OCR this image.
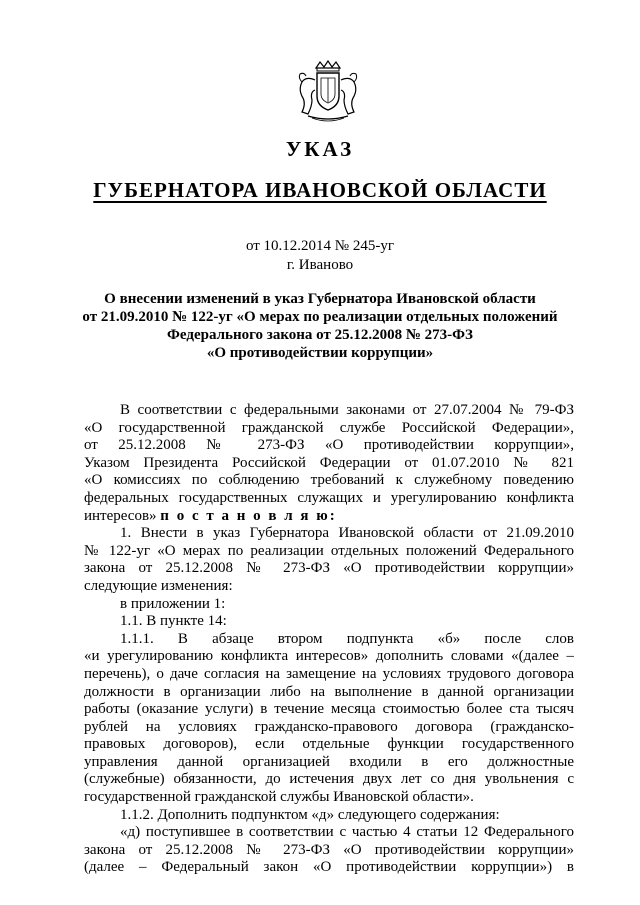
УКАЗ
ГУБЕРНАТОРА ИВАНОВСКОЙ ОБЛАСТИ
от 10.12.2014 № 245-уг
г. Иваново
О внесении изменений в указ Губернатора Ивановской области
от 21.09.2010 № 122-уг «О мерах по реализации отдельных положений
Федерального закона от 25.12.2008 № 273-ФЗ
«О противодействии коррупции»
В соответствии с федеральными законами от 27.07.2004 № 79-ФЗ
«О государственной гражданской службе Российской Федерации»,
от 25.12.2008 № 273-ФЗ «О противодействии коррупции»,
Указом Президента Российской Федерации от 01.07.2010 № 821
«О комиссиях по соблюдению требований к служебному поведению
федеральных государственных служащих и урегулированию конфликта
интересов» п о с т а н о в л я ю:
1. Внести в указ Губернатора Ивановской области от 21.09.2010
№ 122-уг «О мерах по реализации отдельных положений Федерального
закона от 25.12.2008 № 273-ФЗ «О противодействии коррупции»
следующие изменения:
в приложении 1:
1.1. В пункте 14:
1.1.1. В абзаце втором подпункта «б» после слов
«и урегулированию конфликта интересов» дополнить словами «(далее –
перечень), о даче согласия на замещение на условиях трудового договора
должности в организации либо на выполнение в данной организации
работы (оказание услуги) в течение месяца стоимостью более ста тысяч
рублей на условиях гражданско-правового договора (гражданско-
правовых договоров), если отдельные функции государственного
управления данной организацией входили в его должностные
(служебные) обязанности, до истечения двух лет со дня увольнения с
государственной гражданской службы Ивановской области».
1.1.2. Дополнить подпунктом «д» следующего содержания:
«д) поступившее в соответствии с частью 4 статьи 12 Федерального
закона от 25.12.2008 № 273-ФЗ «О противодействии коррупции»
(далее – Федеральный закон «О противодействии коррупции») в
